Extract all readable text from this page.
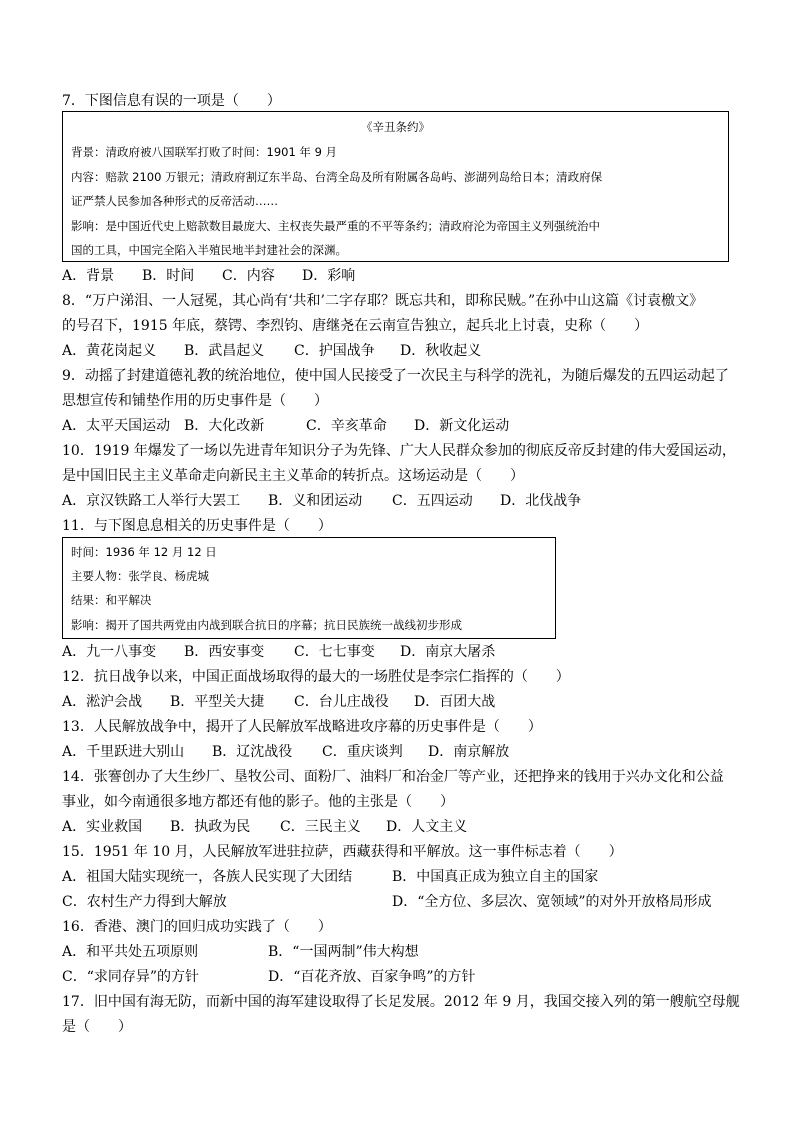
7．下图信息有误的一项是（　　）
《辛丑条约》
背景：清政府被八国联军打败了时间：1901 年 9 月
内容：赔款 2100 万银元；清政府割辽东半岛、台湾全岛及所有附属各岛屿、澎湖列岛给日本；清政府保
证严禁人民参加各种形式的反帝活动……
影响：是中国近代史上赔款数目最庞大、主权丧失最严重的不平等条约；清政府沦为帝国主义列强统治中
国的工具，中国完全陷入半殖民地半封建社会的深渊。
A．背景 B．时间 C．内容 D．彩响
8．“万户涕泪、一人冠冕，其心尚有‘共和’二字存耶？既忘共和，即称民贼。”在孙中山这篇《讨袁檄文》
的号召下，1915 年底，蔡锷、李烈钧、唐继尧在云南宣告独立，起兵北上讨袁，史称（　　）
A．黄花岗起义 B．武昌起义 C．护国战争 D．秋收起义
9．动摇了封建道德礼教的统治地位，使中国人民接受了一次民主与科学的洗礼，为随后爆发的五四运动起了
思想宣传和铺垫作用的历史事件是（　　）
A．太平天国运动 B．大化改新	C．辛亥革命 D．新文化运动
10．1919 年爆发了一场以先进青年知识分子为先锋、广大人民群众参加的彻底反帝反封建的伟大爱国运动，
是中国旧民主主义革命走向新民主主义革命的转折点。这场运动是（　　）
A．京汉铁路工人举行大罢工 B．义和团运动 C．五四运动 D．北伐战争
11．与下图息息相关的历史事件是（　　）
时间：1936 年 12 月 12 日
主要人物：张学良、杨虎城
结果：和平解决
影响：揭开了国共两党由内战到联合抗日的序幕；抗日民族统一战线初步形成
A．九一八事变 B．西安事变 C．七七事变 D．南京大屠杀
12．抗日战争以来，中国正面战场取得的最大的一场胜仗是李宗仁指挥的（　　）
A．淞沪会战 B．平型关大捷 C．台儿庄战役 D．百团大战
13．人民解放战争中，揭开了人民解放军战略进攻序幕的历史事件是（　　）
A．千里跃进大别山 B．辽沈战役 C．重庆谈判 D．南京解放
14．张謇创办了大生纱厂、垦牧公司、面粉厂、油料厂和冶金厂等产业，还把挣来的钱用于兴办文化和公益
事业，如今南通很多地方都还有他的影子。他的主张是（　　）
A．实业救国 B．执政为民 C．三民主义 D．人文主义
15．1951 年 10 月，人民解放军进驻拉萨，西藏获得和平解放。这一事件标志着（　　）
A．祖国大陆实现统一，各族人民实现了大团结	B．中国真正成为独立自主的国家
C．农村生产力得到大解放	D．“全方位、多层次、宽领域”的对外开放格局形成
16．香港、澳门的回归成功实践了（　　）
A．和平共处五项原则	B．“一国两制”伟大构想
C．“求同存异”的方针	D．“百花齐放、百家争鸣”的方针
17．旧中国有海无防，而新中国的海军建设取得了长足发展。2012 年 9 月，我国交接入列的第一艘航空母舰
是（　　）
